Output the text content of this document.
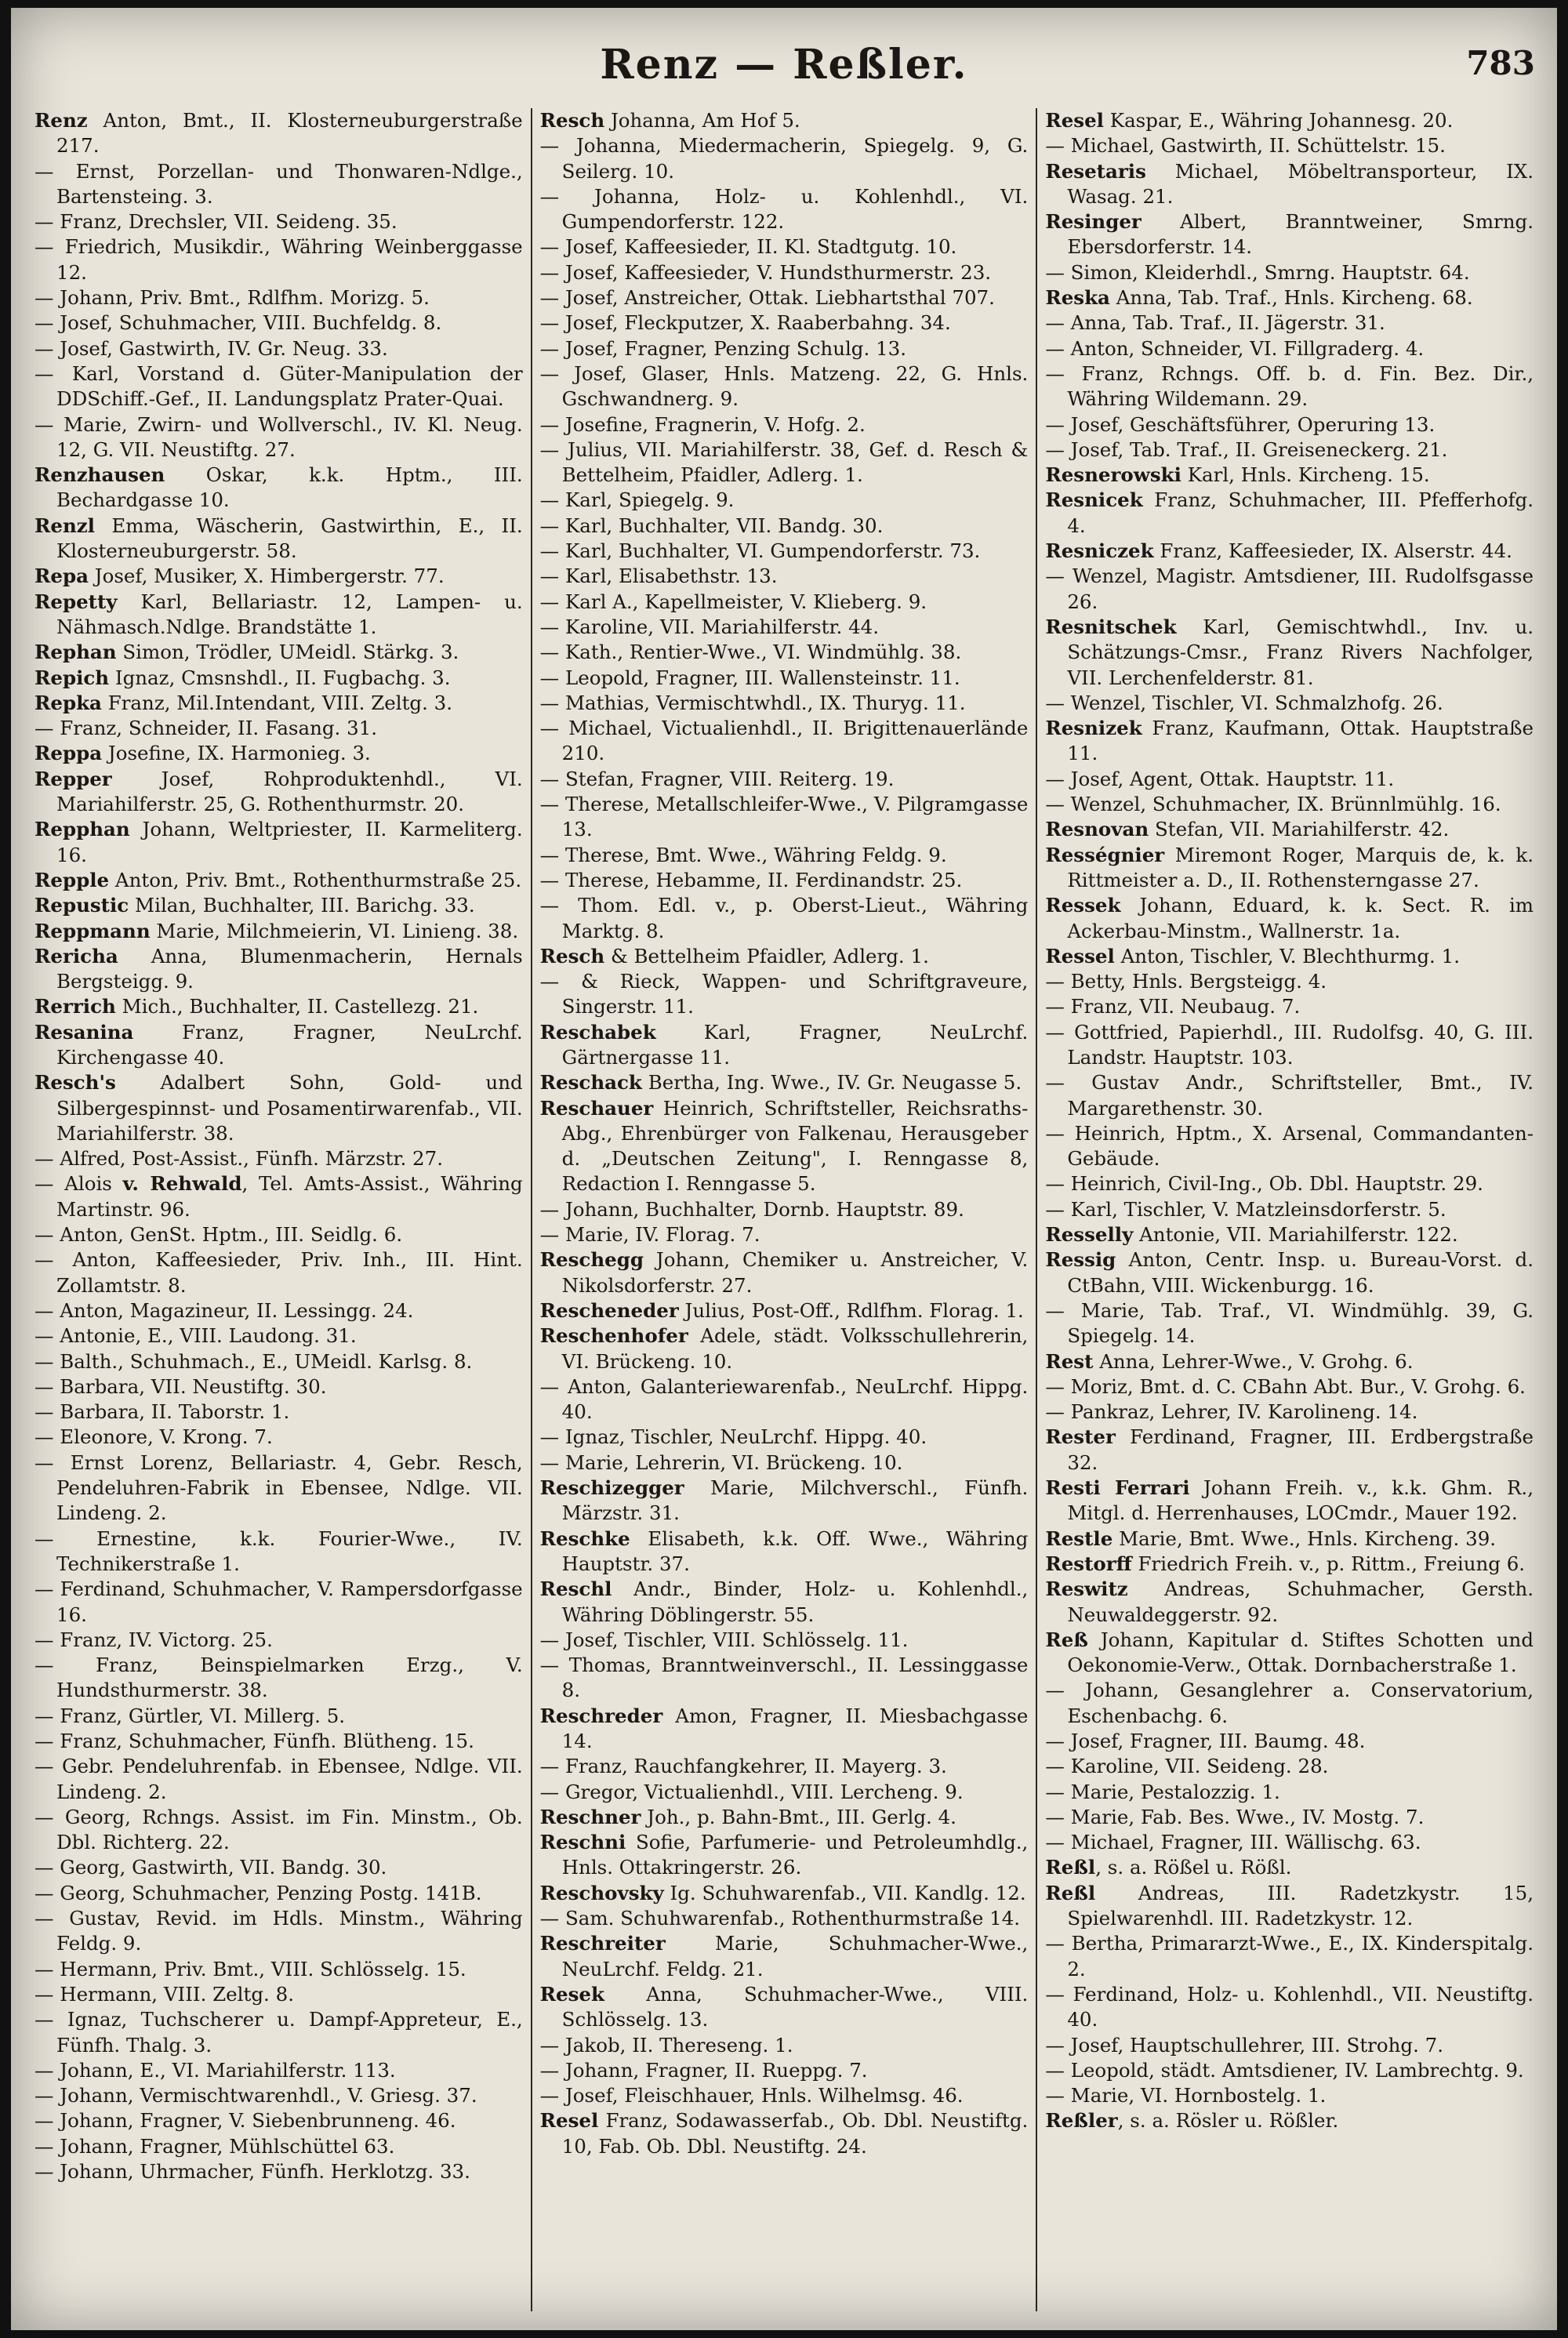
Renz — Reßler.	783
Renz Anton, Bmt., II. Klosterneuburgerstraße 217.
— Ernst, Porzellan- und Thonwaren-Ndlge., Bartensteing. 3.
— Franz, Drechsler, VII. Seideng. 35.
— Friedrich, Musikdir., Währing Weinberggasse 12.
— Johann, Priv. Bmt., Rdlfhm. Morizg. 5.
— Josef, Schuhmacher, VIII. Buchfeldg. 8.
— Josef, Gastwirth, IV. Gr. Neug. 33.
— Karl, Vorstand d. Güter-Manipulation der DDSchiff.-Gef., II. Landungsplatz Prater-Quai.
— Marie, Zwirn- und Wollverschl., IV. Kl. Neug. 12, G. VII. Neustiftg. 27.
Renzhausen Oskar, k.k. Hptm., III. Bechardgasse 10.
Renzl Emma, Wäscherin, Gastwirthin, E., II. Klosterneuburgerstr. 58.
Repa Josef, Musiker, X. Himbergerstr. 77.
Repetty Karl, Bellariastr. 12, Lampen- u. Nähmasch.Ndlge. Brandstätte 1.
Rephan Simon, Trödler, UMeidl. Stärkg. 3.
Repich Ignaz, Cmsnshdl., II. Fugbachg. 3.
Repka Franz, Mil.Intendant, VIII. Zeltg. 3.
— Franz, Schneider, II. Fasang. 31.
Reppa Josefine, IX. Harmonieg. 3.
Repper Josef, Rohproduktenhdl., VI. Mariahilferstr. 25, G. Rothenthurmstr. 20.
Repphan Johann, Weltpriester, II. Karmeliterg. 16.
Repple Anton, Priv. Bmt., Rothenthurmstraße 25.
Repustic Milan, Buchhalter, III. Barichg. 33.
Reppmann Marie, Milchmeierin, VI. Linieng. 38.
Rericha Anna, Blumenmacherin, Hernals Bergsteigg. 9.
Rerrich Mich., Buchhalter, II. Castellezg. 21.
Resanina Franz, Fragner, NeuLrchf. Kirchengasse 40.
Resch's Adalbert Sohn, Gold- und Silbergespinnst- und Posamentirwarenfab., VII. Mariahilferstr. 38.
— Alfred, Post-Assist., Fünfh. Märzstr. 27.
— Alois v. Rehwald, Tel. Amts-Assist., Währing Martinstr. 96.
— Anton, GenSt. Hptm., III. Seidlg. 6.
— Anton, Kaffeesieder, Priv. Inh., III. Hint. Zollamtstr. 8.
— Anton, Magazineur, II. Lessingg. 24.
— Antonie, E., VIII. Laudong. 31.
— Balth., Schuhmach., E., UMeidl. Karlsg. 8.
— Barbara, VII. Neustiftg. 30.
— Barbara, II. Taborstr. 1.
— Eleonore, V. Krong. 7.
— Ernst Lorenz, Bellariastr. 4, Gebr. Resch, Pendeluhren-Fabrik in Ebensee, Ndlge. VII. Lindeng. 2.
— Ernestine, k.k. Fourier-Wwe., IV. Technikerstraße 1.
— Ferdinand, Schuhmacher, V. Rampersdorfgasse 16.
— Franz, IV. Victorg. 25.
— Franz, Beinspielmarken Erzg., V. Hundsthurmerstr. 38.
— Franz, Gürtler, VI. Millerg. 5.
— Franz, Schuhmacher, Fünfh. Blütheng. 15.
— Gebr. Pendeluhrenfab. in Ebensee, Ndlge. VII. Lindeng. 2.
— Georg, Rchngs. Assist. im Fin. Minstm., Ob. Dbl. Richterg. 22.
— Georg, Gastwirth, VII. Bandg. 30.
— Georg, Schuhmacher, Penzing Postg. 141B.
— Gustav, Revid. im Hdls. Minstm., Währing Feldg. 9.
— Hermann, Priv. Bmt., VIII. Schlösselg. 15.
— Hermann, VIII. Zeltg. 8.
— Ignaz, Tuchscherer u. Dampf-Appreteur, E., Fünfh. Thalg. 3.
— Johann, E., VI. Mariahilferstr. 113.
— Johann, Vermischtwarenhdl., V. Griesg. 37.
— Johann, Fragner, V. Siebenbrunneng. 46.
— Johann, Fragner, Mühlschüttel 63.
— Johann, Uhrmacher, Fünfh. Herklotzg. 33.
Resch Johanna, Am Hof 5.
— Johanna, Miedermacherin, Spiegelg. 9, G. Seilerg. 10.
— Johanna, Holz- u. Kohlenhdl., VI. Gumpendorferstr. 122.
— Josef, Kaffeesieder, II. Kl. Stadtgutg. 10.
— Josef, Kaffeesieder, V. Hundsthurmerstr. 23.
— Josef, Anstreicher, Ottak. Liebhartsthal 707.
— Josef, Fleckputzer, X. Raaberbahng. 34.
— Josef, Fragner, Penzing Schulg. 13.
— Josef, Glaser, Hnls. Matzeng. 22, G. Hnls. Gschwandnerg. 9.
— Josefine, Fragnerin, V. Hofg. 2.
— Julius, VII. Mariahilferstr. 38, Gef. d. Resch & Bettelheim, Pfaidler, Adlerg. 1.
— Karl, Spiegelg. 9.
— Karl, Buchhalter, VII. Bandg. 30.
— Karl, Buchhalter, VI. Gumpendorferstr. 73.
— Karl, Elisabethstr. 13.
— Karl A., Kapellmeister, V. Klieberg. 9.
— Karoline, VII. Mariahilferstr. 44.
— Kath., Rentier-Wwe., VI. Windmühlg. 38.
— Leopold, Fragner, III. Wallensteinstr. 11.
— Mathias, Vermischtwhdl., IX. Thuryg. 11.
— Michael, Victualienhdl., II. Brigittenauerlände 210.
— Stefan, Fragner, VIII. Reiterg. 19.
— Therese, Metallschleifer-Wwe., V. Pilgramgasse 13.
— Therese, Bmt. Wwe., Währing Feldg. 9.
— Therese, Hebamme, II. Ferdinandstr. 25.
— Thom. Edl. v., p. Oberst-Lieut., Währing Marktg. 8.
Resch & Bettelheim Pfaidler, Adlerg. 1.
— & Rieck, Wappen- und Schriftgraveure, Singerstr. 11.
Reschabek Karl, Fragner, NeuLrchf. Gärtnergasse 11.
Reschack Bertha, Ing. Wwe., IV. Gr. Neugasse 5.
Reschauer Heinrich, Schriftsteller, Reichsraths-Abg., Ehrenbürger von Falkenau, Herausgeber d. „Deutschen Zeitung", I. Renngasse 8, Redaction I. Renngasse 5.
— Johann, Buchhalter, Dornb. Hauptstr. 89.
— Marie, IV. Florag. 7.
Reschegg Johann, Chemiker u. Anstreicher, V. Nikolsdorferstr. 27.
Rescheneder Julius, Post-Off., Rdlfhm. Florag. 1.
Reschenhofer Adele, städt. Volksschullehrerin, VI. Brückeng. 10.
— Anton, Galanteriewarenfab., NeuLrchf. Hippg. 40.
— Ignaz, Tischler, NeuLrchf. Hippg. 40.
— Marie, Lehrerin, VI. Brückeng. 10.
Reschizegger Marie, Milchverschl., Fünfh. Märzstr. 31.
Reschke Elisabeth, k.k. Off. Wwe., Währing Hauptstr. 37.
Reschl Andr., Binder, Holz- u. Kohlenhdl., Währing Döblingerstr. 55.
— Josef, Tischler, VIII. Schlösselg. 11.
— Thomas, Branntweinverschl., II. Lessinggasse 8.
Reschreder Amon, Fragner, II. Miesbachgasse 14.
— Franz, Rauchfangkehrer, II. Mayerg. 3.
— Gregor, Victualienhdl., VIII. Lercheng. 9.
Reschner Joh., p. Bahn-Bmt., III. Gerlg. 4.
Reschni Sofie, Parfumerie- und Petroleumhdlg., Hnls. Ottakringerstr. 26.
Reschovsky Ig. Schuhwarenfab., VII. Kandlg. 12.
— Sam. Schuhwarenfab., Rothenthurmstraße 14.
Reschreiter Marie, Schuhmacher-Wwe., NeuLrchf. Feldg. 21.
Resek Anna, Schuhmacher-Wwe., VIII. Schlösselg. 13.
— Jakob, II. Thereseng. 1.
— Johann, Fragner, II. Rueppg. 7.
— Josef, Fleischhauer, Hnls. Wilhelmsg. 46.
Resel Franz, Sodawasserfab., Ob. Dbl. Neustiftg. 10, Fab. Ob. Dbl. Neustiftg. 24.
Resel Kaspar, E., Währing Johannesg. 20.
— Michael, Gastwirth, II. Schüttelstr. 15.
Resetaris Michael, Möbeltransporteur, IX. Wasag. 21.
Resinger Albert, Branntweiner, Smrng. Ebersdorferstr. 14.
— Simon, Kleiderhdl., Smrng. Hauptstr. 64.
Reska Anna, Tab. Traf., Hnls. Kircheng. 68.
— Anna, Tab. Traf., II. Jägerstr. 31.
— Anton, Schneider, VI. Fillgraderg. 4.
— Franz, Rchngs. Off. b. d. Fin. Bez. Dir., Währing Wildemann. 29.
— Josef, Geschäftsführer, Operuring 13.
— Josef, Tab. Traf., II. Greiseneckerg. 21.
Resnerowski Karl, Hnls. Kircheng. 15.
Resnicek Franz, Schuhmacher, III. Pfefferhofg. 4.
Resniczek Franz, Kaffeesieder, IX. Alserstr. 44.
— Wenzel, Magistr. Amtsdiener, III. Rudolfsgasse 26.
Resnitschek Karl, Gemischtwhdl., Inv. u. Schätzungs-Cmsr., Franz Rivers Nachfolger, VII. Lerchenfelderstr. 81.
— Wenzel, Tischler, VI. Schmalzhofg. 26.
Resnizek Franz, Kaufmann, Ottak. Hauptstraße 11.
— Josef, Agent, Ottak. Hauptstr. 11.
— Wenzel, Schuhmacher, IX. Brünnlmühlg. 16.
Resnovan Stefan, VII. Mariahilferstr. 42.
Rességnier Miremont Roger, Marquis de, k. k. Rittmeister a. D., II. Rothensterngasse 27.
Ressek Johann, Eduard, k. k. Sect. R. im Ackerbau-Minstm., Wallnerstr. 1a.
Ressel Anton, Tischler, V. Blechthurmg. 1.
— Betty, Hnls. Bergsteigg. 4.
— Franz, VII. Neubaug. 7.
— Gottfried, Papierhdl., III. Rudolfsg. 40, G. III. Landstr. Hauptstr. 103.
— Gustav Andr., Schriftsteller, Bmt., IV. Margarethenstr. 30.
— Heinrich, Hptm., X. Arsenal, Commandanten-Gebäude.
— Heinrich, Civil-Ing., Ob. Dbl. Hauptstr. 29.
— Karl, Tischler, V. Matzleinsdorferstr. 5.
Resselly Antonie, VII. Mariahilferstr. 122.
Ressig Anton, Centr. Insp. u. Bureau-Vorst. d. CtBahn, VIII. Wickenburgg. 16.
— Marie, Tab. Traf., VI. Windmühlg. 39, G. Spiegelg. 14.
Rest Anna, Lehrer-Wwe., V. Grohg. 6.
— Moriz, Bmt. d. C. CBahn Abt. Bur., V. Grohg. 6.
— Pankraz, Lehrer, IV. Karolineng. 14.
Rester Ferdinand, Fragner, III. Erdbergstraße 32.
Resti Ferrari Johann Freih. v., k.k. Ghm. R., Mitgl. d. Herrenhauses, LOCmdr., Mauer 192.
Restle Marie, Bmt. Wwe., Hnls. Kircheng. 39.
Restorff Friedrich Freih. v., p. Rittm., Freiung 6.
Reswitz Andreas, Schuhmacher, Gersth. Neuwaldeggerstr. 92.
Reß Johann, Kapitular d. Stiftes Schotten und Oekonomie-Verw., Ottak. Dornbacherstraße 1.
— Johann, Gesanglehrer a. Conservatorium, Eschenbachg. 6.
— Josef, Fragner, III. Baumg. 48.
— Karoline, VII. Seideng. 28.
— Marie, Pestalozzig. 1.
— Marie, Fab. Bes. Wwe., IV. Mostg. 7.
— Michael, Fragner, III. Wällischg. 63.
Reßl, s. a. Rößel u. Rößl.
Reßl Andreas, III. Radetzkystr. 15, Spielwarenhdl. III. Radetzkystr. 12.
— Bertha, Primararzt-Wwe., E., IX. Kinderspitalg. 2.
— Ferdinand, Holz- u. Kohlenhdl., VII. Neustiftg. 40.
— Josef, Hauptschullehrer, III. Strohg. 7.
— Leopold, städt. Amtsdiener, IV. Lambrechtg. 9.
— Marie, VI. Hornbostelg. 1.
Reßler, s. a. Rösler u. Rößler.
